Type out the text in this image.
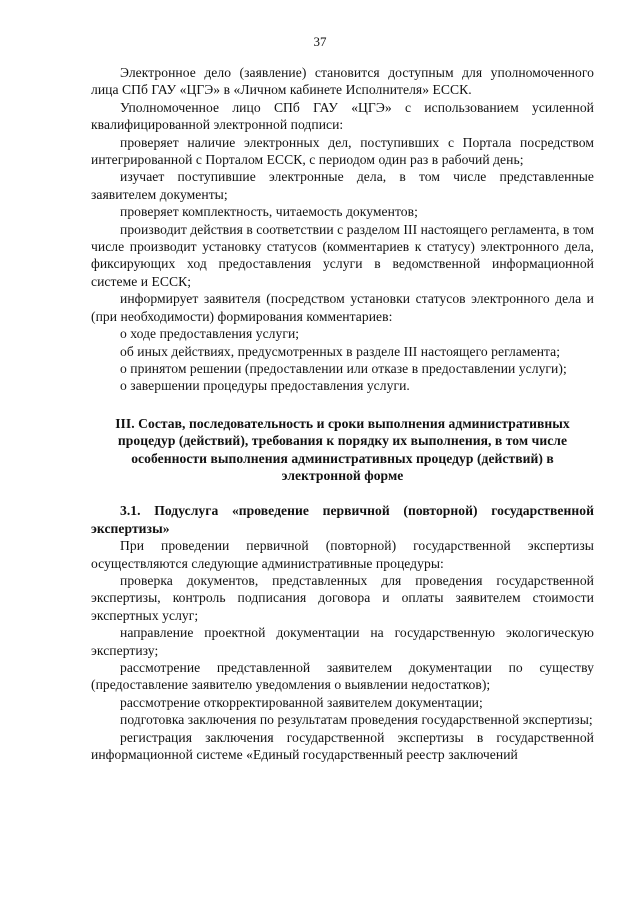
37

Электронное дело (заявление) становится доступным для уполномоченного лица СПб ГАУ «ЦГЭ» в «Личном кабинете Исполнителя» ЕССК.

Уполномоченное лицо СПб ГАУ «ЦГЭ» с использованием усиленной квалифицированной электронной подписи:

проверяет наличие электронных дел, поступивших с Портала посредством интегрированной с Порталом ЕССК, с периодом один раз в рабочий день;

изучает поступившие электронные дела, в том числе представленные заявителем документы;

проверяет комплектность, читаемость документов;

производит действия в соответствии с разделом III настоящего регламента, в том числе производит установку статусов (комментариев к статусу) электронного дела, фиксирующих ход предоставления услуги в ведомственной информационной системе и ЕССК;

информирует заявителя (посредством установки статусов электронного дела и (при необходимости) формирования комментариев:

о ходе предоставления услуги;

об иных действиях, предусмотренных в разделе III настоящего регламента;

о принятом решении (предоставлении или отказе в предоставлении услуги);

о завершении процедуры предоставления услуги.

III. Состав, последовательность и сроки выполнения административных процедур (действий), требования к порядку их выполнения, в том числе особенности выполнения административных процедур (действий) в электронной форме

3.1. Подуслуга «проведение первичной (повторной) государственной экспертизы»

При проведении первичной (повторной) государственной экспертизы осуществляются следующие административные процедуры:

проверка документов, представленных для проведения государственной экспертизы, контроль подписания договора и оплаты заявителем стоимости экспертных услуг;

направление проектной документации на государственную экологическую экспертизу;

рассмотрение представленной заявителем документации по существу (предоставление заявителю уведомления о выявлении недостатков);

рассмотрение откорректированной заявителем документации;

подготовка заключения по результатам проведения государственной экспертизы;

регистрация заключения государственной экспертизы в государственной информационной системе «Единый государственный реестр заключений
